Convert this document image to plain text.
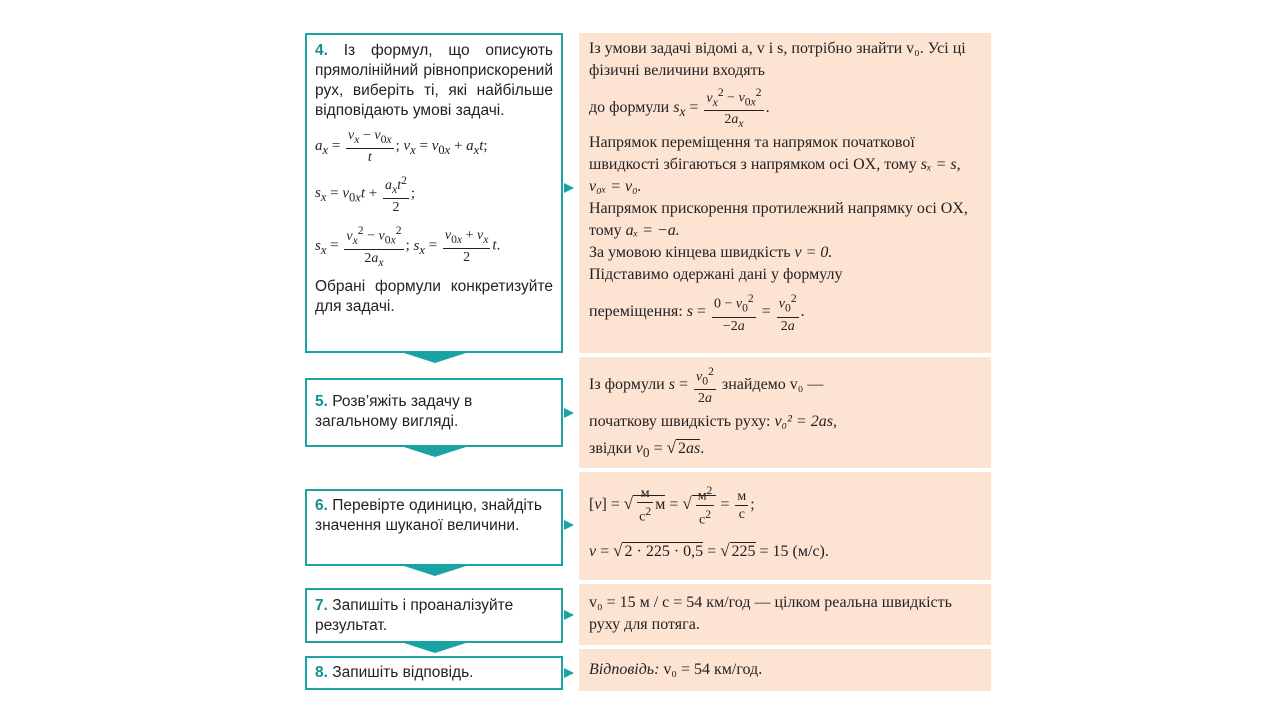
4. Із формул, що описують прямолінійний рівноприскорений рух, виберіть ті, які найбільше відповідають умові задачі.
$a_x = \frac{v_x - v_{0x}}{t}$ ; $v_x = v_{0x} + a_xt$;
$s_x = v_{0x}t + a_xt^2$
2
;
$s_x = \frac{v_x^2 - v_{0x}^2}{2a_x}$ ; $s_x = \frac{v_{0x} + v_x}{2} t$.
Обрані формули конкретизуйте для задачі.

Із умови задачі відомі a, v і s, потрібно знайти v₀. Усі ці фізичні величини входять

до формули $s_x = \frac{v_x^2 - v_{0x}^2}{2a_x}$ .

Напрямок переміщення та напрямок початкової швидкості збігаються з напрямком осі OX, тому sₓ = s, v₀ₓ = v₀.

Напрямок прискорення протилежний напрямку осі OX, тому aₓ = −a.

За умовою кінцева швидкість v = 0.

Підставимо одержані дані у формулу

переміщення: $s = \frac{0 - v_0^2}{-2a} = \frac{v_0^2}{2a}$ .

5. Розв’яжіть задачу в загальному вигляді.

Із формули $s = \frac{v_0^2}{2a}$ знайдемо v₀ —

початкову швидкість руху: v₀² = 2as,

звідки $v_0$ = √ 2as.

6. Перевірте одиницю, знайдіть значення шуканої величини.

[v] = √
м
$с^2$ м = √ $м^2$
$с^2$
= м
с
;

v = √ 2 · 225 · 0,5 = √ 225 = 15 (м/с).

7. Запишіть і проаналізуйте результат.

v₀ = 15 м / с = 54 км/год — цілком реальна швидкість руху для потяга.

8. Запишіть відповідь.	Відповідь: v₀ = 54 км/год.
